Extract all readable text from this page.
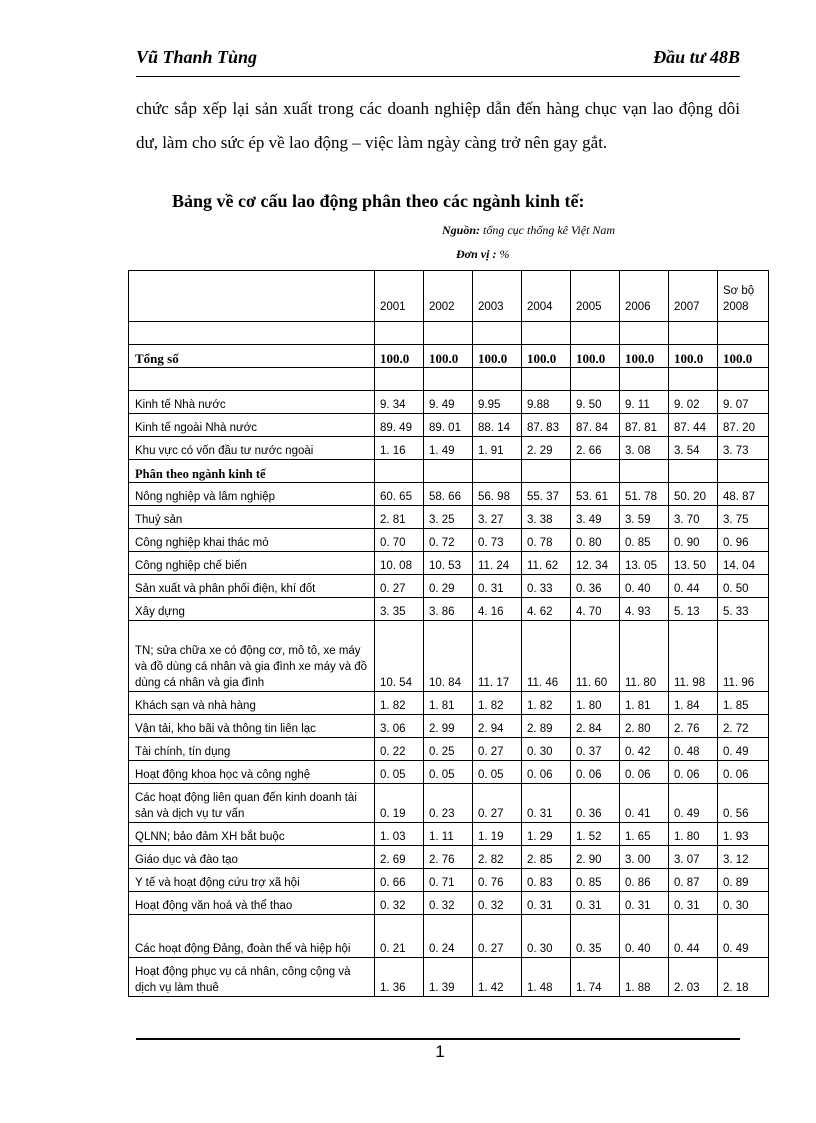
Vũ Thanh Tùng	Đầu tư 48B
chức sắp xếp lại sản xuất trong các doanh nghiệp dẫn đến hàng chục vạn lao động dôi dư, làm cho sức ép về lao động – việc làm ngày càng trở nên gay gắt.
Bảng về cơ cấu lao động phân theo các ngành kinh tế:
Nguồn: tổng cục thống kê Việt Nam
Đơn vị : %
	2001	2002	2003	2004	2005	2006	2007	Sơ bộ 2008

Tổng số	100.0	100.0	100.0	100.0	100.0	100.0	100.0	100.0

Kinh tế Nhà nước	9. 34	9. 49	9.95	9.88	9. 50	9. 11	9. 02	9. 07
Kinh tế ngoài Nhà nước	89. 49	89. 01	88. 14	87. 83	87. 84	87. 81	87. 44	87. 20
Khu vực có vốn đầu tư nước ngoài	1. 16	1. 49	1. 91	2. 29	2. 66	3. 08	3. 54	3. 73
Phân theo ngành kinh tế								
Nông nghiệp và lâm nghiệp	60. 65	58. 66	56. 98	55. 37	53. 61	51. 78	50. 20	48. 87
Thuỷ sản	2. 81	3. 25	3. 27	3. 38	3. 49	3. 59	3. 70	3. 75
Công nghiệp khai thác mỏ	0. 70	0. 72	0. 73	0. 78	0. 80	0. 85	0. 90	0. 96
Công nghiệp chế biến	10. 08	10. 53	11. 24	11. 62	12. 34	13. 05	13. 50	14. 04
Sản xuất và phân phối điện, khí đốt	0. 27	0. 29	0. 31	0. 33	0. 36	0. 40	0. 44	0. 50
Xây dựng	3. 35	3. 86	4. 16	4. 62	4. 70	4. 93	5. 13	5. 33
TN; sửa chữa xe có động cơ, mô tô, xe máy và đồ dùng cá nhân và gia đình xe máy và đồ dùng cá nhân và gia đình	10. 54	10. 84	11. 17	11. 46	11. 60	11. 80	11. 98	11. 96
Khách sạn và nhà hàng	1. 82	1. 81	1. 82	1. 82	1. 80	1. 81	1. 84	1. 85
Vận tải, kho bãi và thông tin liên lạc	3. 06	2. 99	2. 94	2. 89	2. 84	2. 80	2. 76	2. 72
Tài chính, tín dụng	0. 22	0. 25	0. 27	0. 30	0. 37	0. 42	0. 48	0. 49
Hoạt động khoa học và công nghệ	0. 05	0. 05	0. 05	0. 06	0. 06	0. 06	0. 06	0. 06
Các hoạt động liên quan đến kinh doanh tài sản và dịch vụ tư vấn	0. 19	0. 23	0. 27	0. 31	0. 36	0. 41	0. 49	0. 56
QLNN; bảo đảm XH bắt buộc	1. 03	1. 11	1. 19	1. 29	1. 52	1. 65	1. 80	1. 93
Giáo dục và đào tạo	2. 69	2. 76	2. 82	2. 85	2. 90	3. 00	3. 07	3. 12
Y tế và hoạt động cứu trợ xã hội	0. 66	0. 71	0. 76	0. 83	0. 85	0. 86	0. 87	0. 89
Hoạt động văn hoá và thể thao	0. 32	0. 32	0. 32	0. 31	0. 31	0. 31	0. 31	0. 30
Các hoạt động Đảng, đoàn thể và hiệp hội	0. 21	0. 24	0. 27	0. 30	0. 35	0. 40	0. 44	0. 49
Hoạt động phục vụ cá nhân, công cộng và dịch vụ làm thuê	1. 36	1. 39	1. 42	1. 48	1. 74	1. 88	2. 03	2. 18
1
